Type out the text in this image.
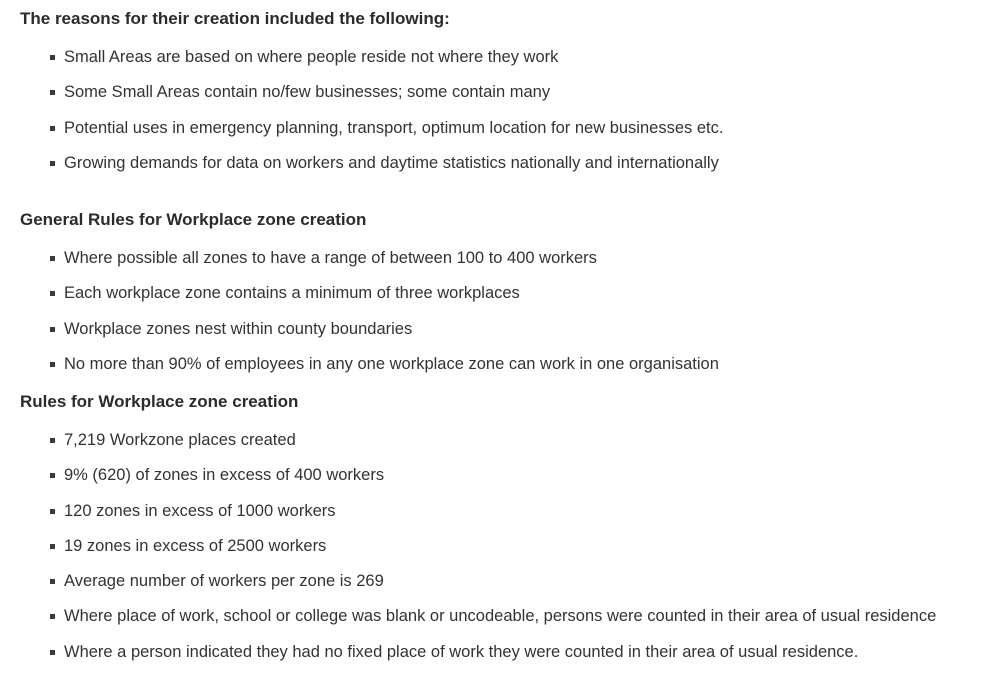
The reasons for their creation included the following:
Small Areas are based on where people reside not where they work
Some Small Areas contain no/few businesses; some contain many
Potential uses in emergency planning, transport, optimum location for new businesses etc.
Growing demands for data on workers and daytime statistics nationally and internationally
General Rules for Workplace zone creation
Where possible all zones to have a range of between 100 to 400 workers
Each workplace zone contains a minimum of three workplaces
Workplace zones nest within county boundaries
No more than 90% of employees in any one workplace zone can work in one organisation
Rules for Workplace zone creation
7,219 Workzone places created
9% (620) of zones in excess of 400 workers
120 zones in excess of 1000 workers
19 zones in excess of 2500 workers
Average number of workers per zone is 269
Where place of work, school or college was blank or uncodeable, persons were counted in their area of usual residence
Where a person indicated they had no fixed place of work they were counted in their area of usual residence.
